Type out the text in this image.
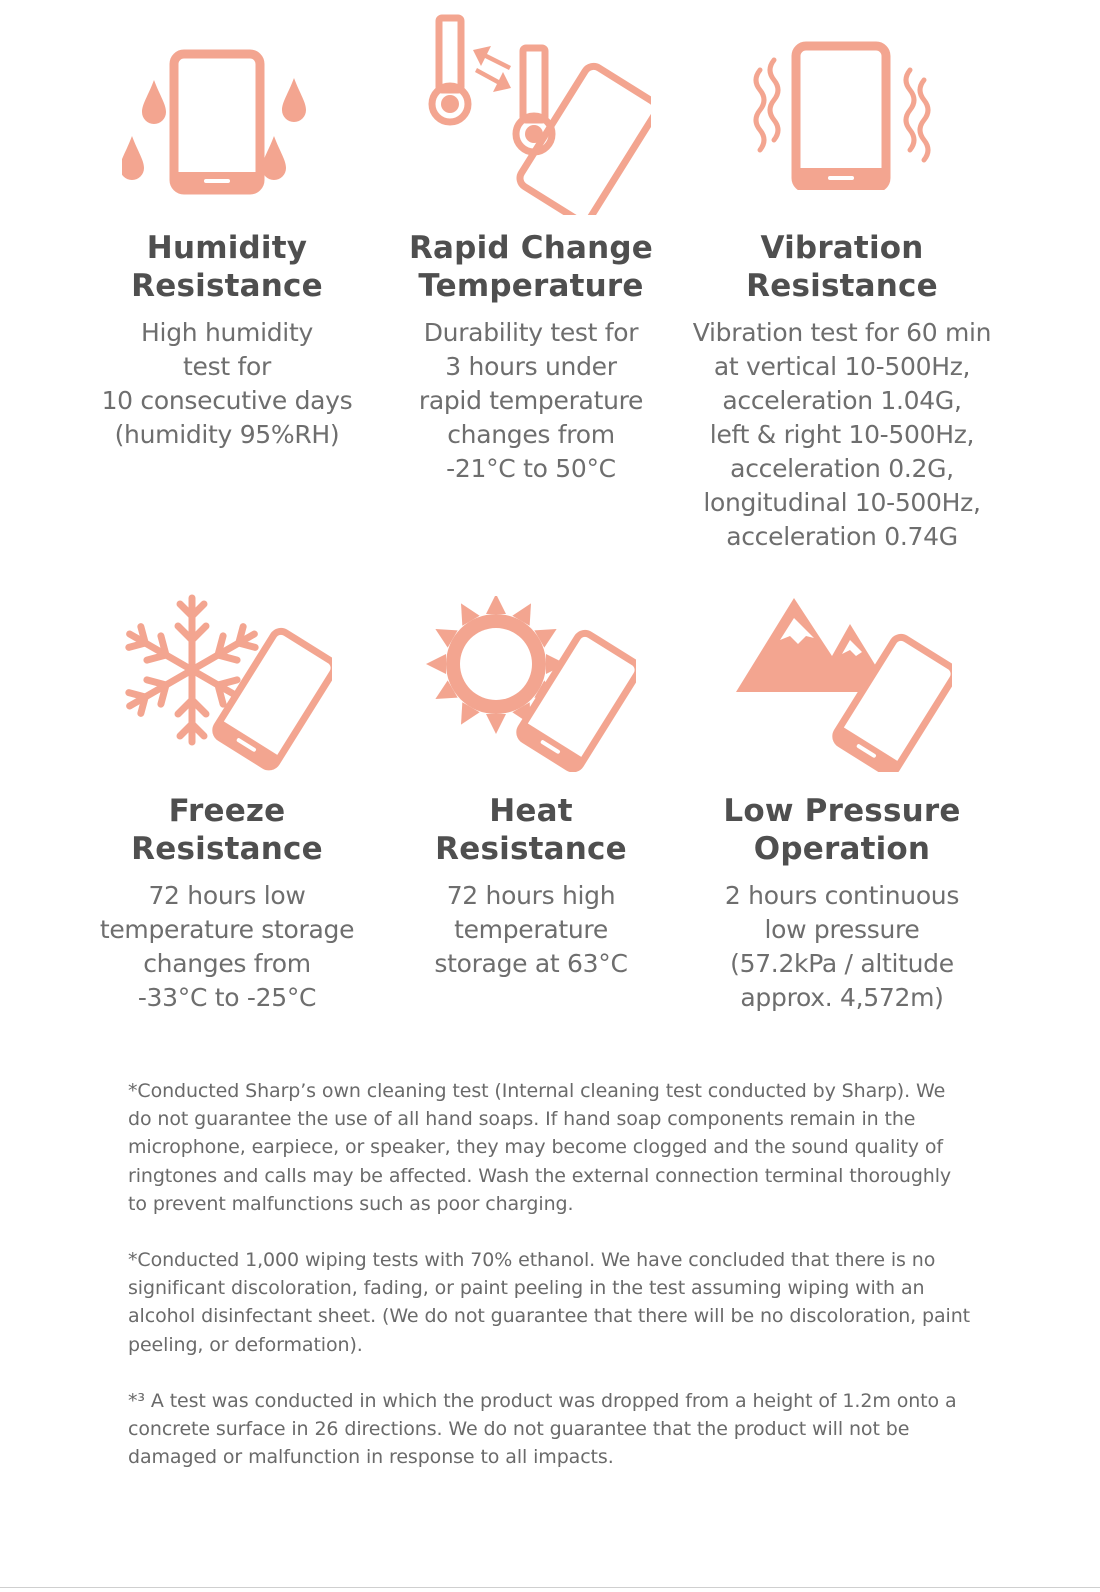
Humidity
Resistance
High humidity
test for
10 consecutive days
(humidity 95%RH)
Rapid Change
Temperature
Durability test for
3 hours under
rapid temperature
changes from
-21°C to 50°C
Vibration
Resistance
Vibration test for 60 min
at vertical 10-500Hz,
acceleration 1.04G,
left & right 10-500Hz,
acceleration 0.2G,
longitudinal 10-500Hz,
acceleration 0.74G
Freeze
Resistance
72 hours low
temperature storage
changes from
-33°C to -25°C
Heat
Resistance
72 hours high
temperature
storage at 63°C
Low Pressure
Operation
2 hours continuous
low pressure
(57.2kPa / altitude
approx. 4,572m)
*Conducted Sharp’s own cleaning test (Internal cleaning test conducted by Sharp). We
do not guarantee the use of all hand soaps. If hand soap components remain in the
microphone, earpiece, or speaker, they may become clogged and the sound quality of
ringtones and calls may be affected. Wash the external connection terminal thoroughly
to prevent malfunctions such as poor charging.
*Conducted 1,000 wiping tests with 70% ethanol. We have concluded that there is no
significant discoloration, fading, or paint peeling in the test assuming wiping with an
alcohol disinfectant sheet. (We do not guarantee that there will be no discoloration, paint
peeling, or deformation).
*³ A test was conducted in which the product was dropped from a height of 1.2m onto a
concrete surface in 26 directions. We do not guarantee that the product will not be
damaged or malfunction in response to all impacts.
